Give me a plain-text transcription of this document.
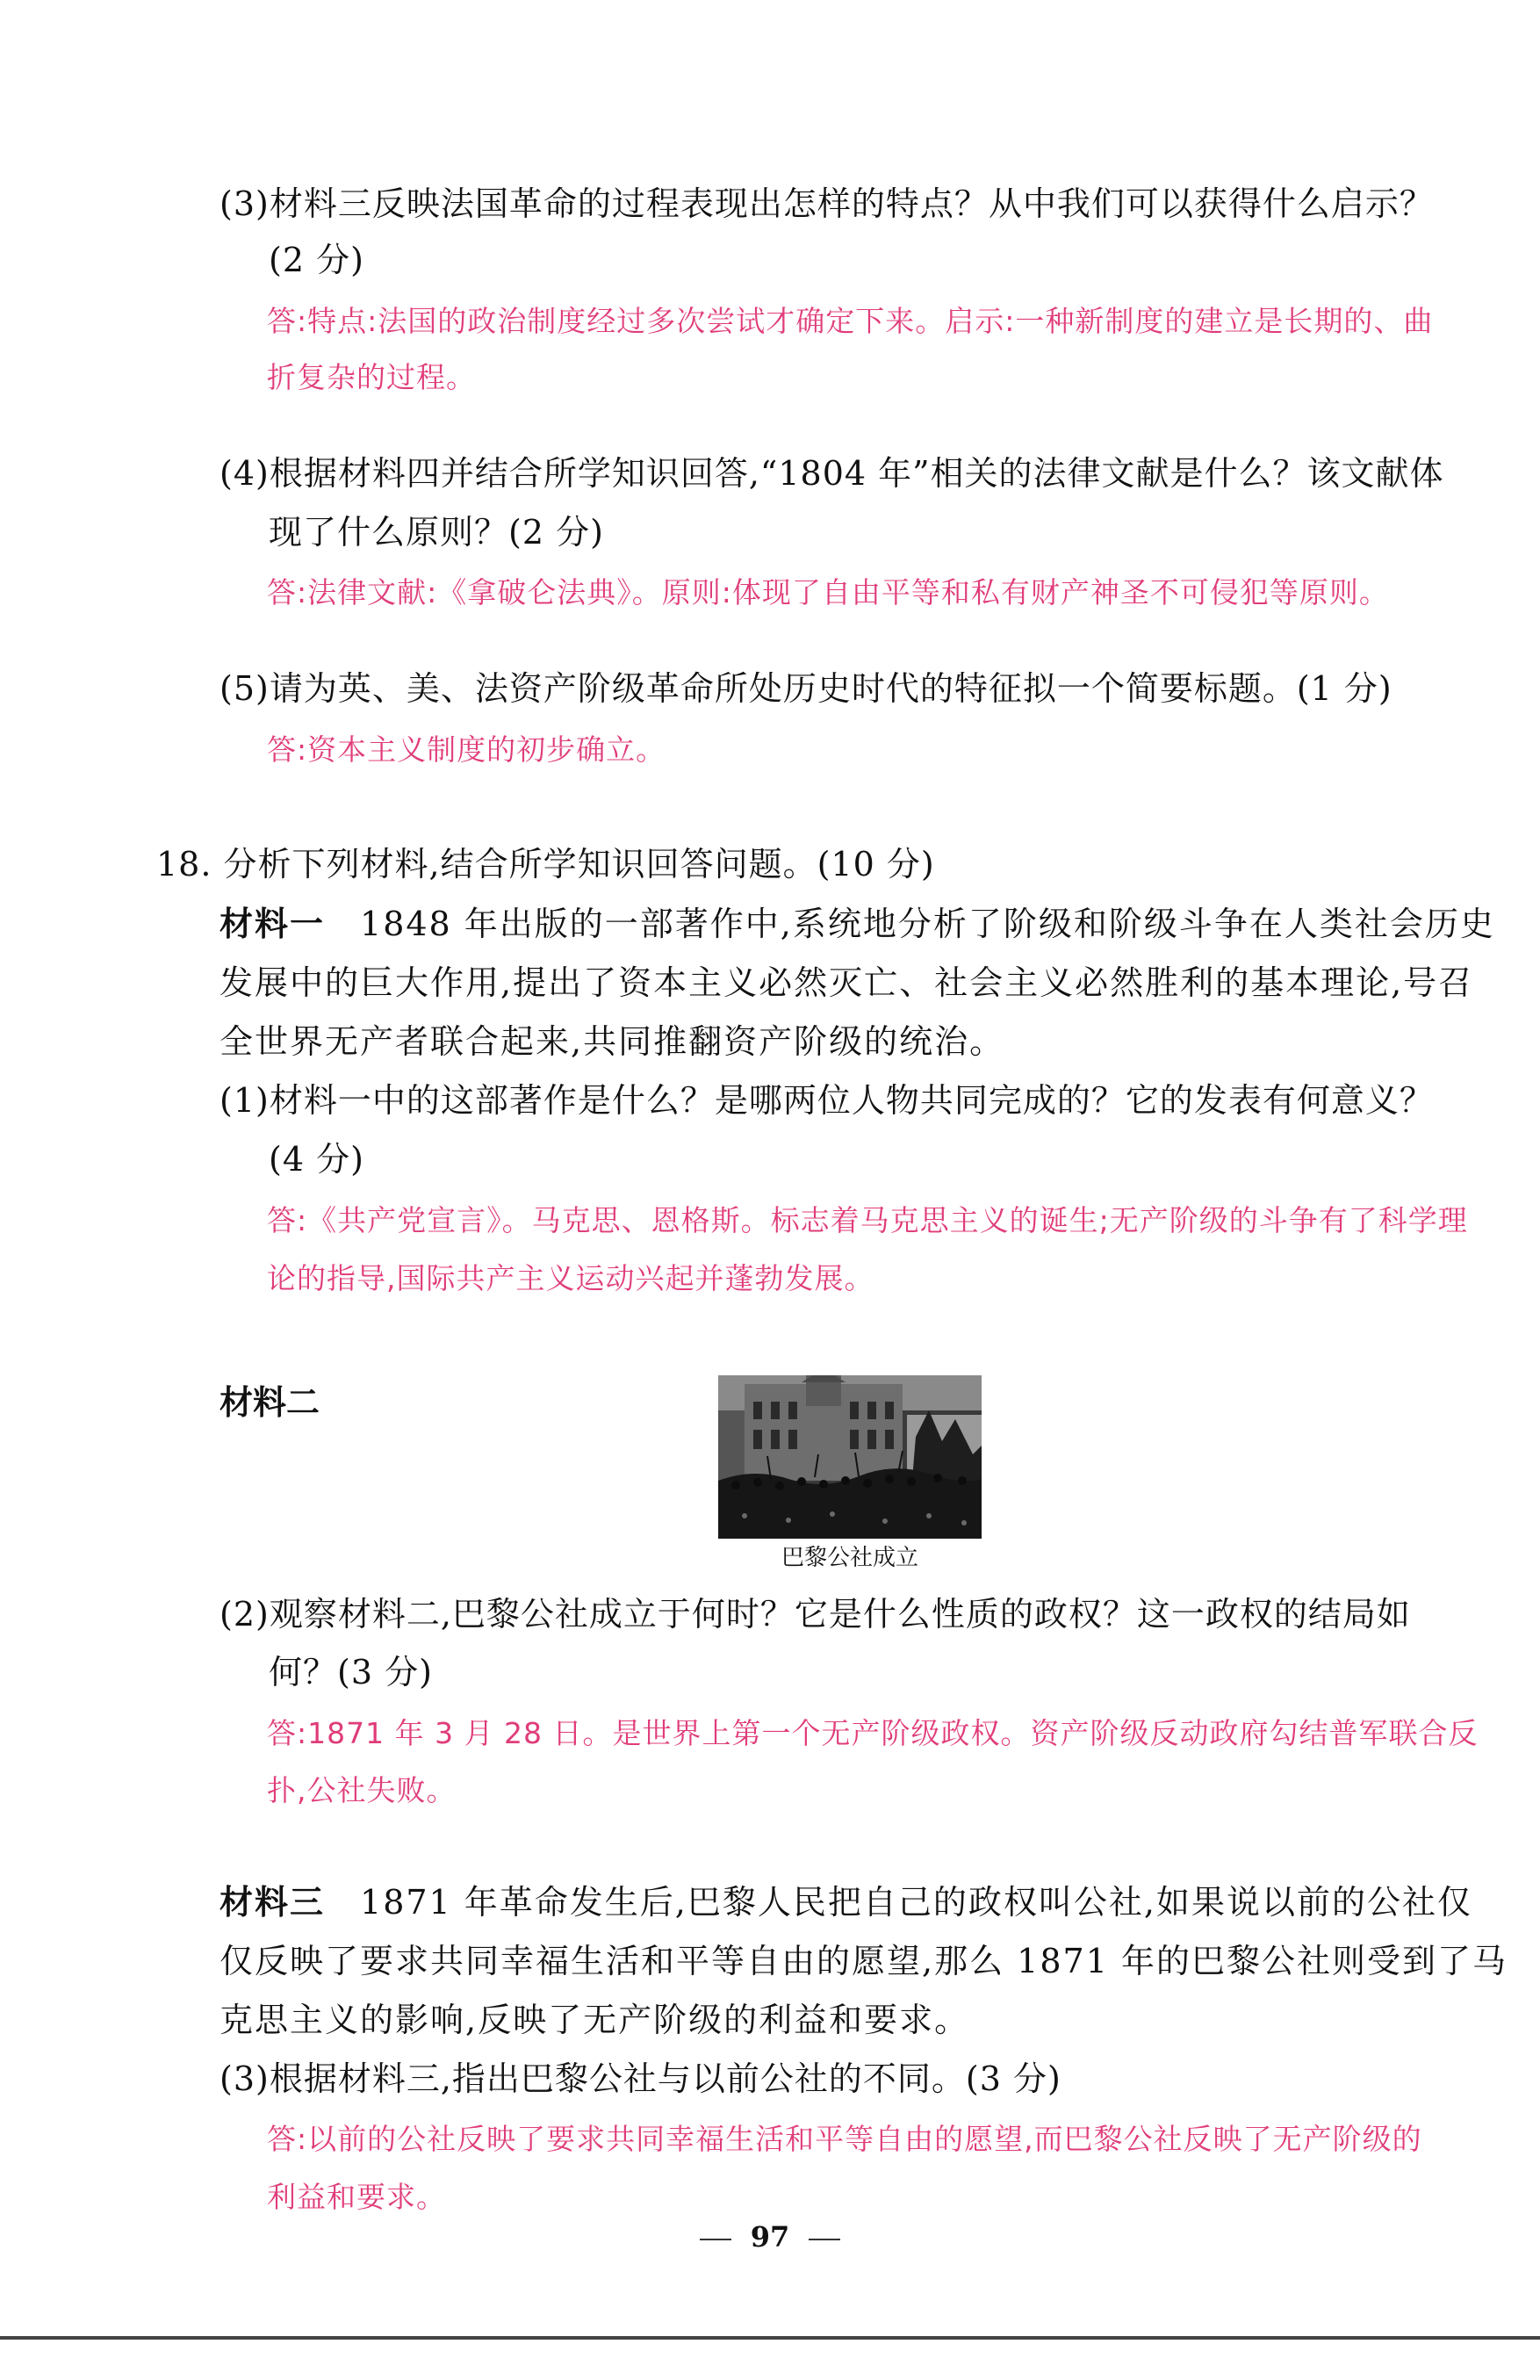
(3)材料三反映法国革命的过程表现出怎样的特点？从中我们可以获得什么启示？
(2 分)
答:特点:法国的政治制度经过多次尝试才确定下来。启示:一种新制度的建立是长期的、曲
折复杂的过程。
(4)根据材料四并结合所学知识回答,“1804 年”相关的法律文献是什么？该文献体
现了什么原则？(2 分)
答:法律文献:《拿破仑法典》。原则:体现了自由平等和私有财产神圣不可侵犯等原则。
(5)请为英、美、法资产阶级革命所处历史时代的特征拟一个简要标题。(1 分)
答:资本主义制度的初步确立。
18. 分析下列材料,结合所学知识回答问题。(10 分)
材料一　1848 年出版的一部著作中,系统地分析了阶级和阶级斗争在人类社会历史
发展中的巨大作用,提出了资本主义必然灭亡、社会主义必然胜利的基本理论,号召
全世界无产者联合起来,共同推翻资产阶级的统治。
(1)材料一中的这部著作是什么？是哪两位人物共同完成的？它的发表有何意义？
(4 分)
答:《共产党宣言》。马克思、恩格斯。标志着马克思主义的诞生;无产阶级的斗争有了科学理
论的指导,国际共产主义运动兴起并蓬勃发展。
材料二
巴黎公社成立
(2)观察材料二,巴黎公社成立于何时？它是什么性质的政权？这一政权的结局如
何？(3 分)
答:1871 年 3 月 28 日。是世界上第一个无产阶级政权。资产阶级反动政府勾结普军联合反
扑,公社失败。
材料三　1871 年革命发生后,巴黎人民把自己的政权叫公社,如果说以前的公社仅
仅反映了要求共同幸福生活和平等自由的愿望,那么 1871 年的巴黎公社则受到了马
克思主义的影响,反映了无产阶级的利益和要求。
(3)根据材料三,指出巴黎公社与以前公社的不同。(3 分)
答:以前的公社反映了要求共同幸福生活和平等自由的愿望,而巴黎公社反映了无产阶级的
利益和要求。
97
